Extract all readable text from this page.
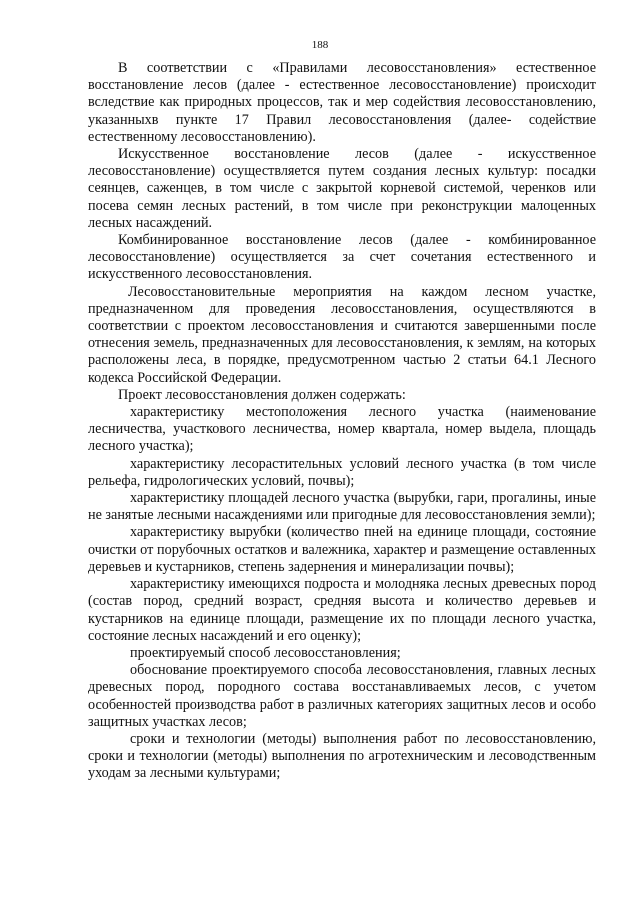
188

В соответствии с «Правилами лесовосстановления» естественное восстановление лесов (далее - естественное лесовосстановление) происходит вследствие как природных процессов, так и мер содействия лесовосстановлению, указанныхв пункте 17 Правил лесовосстановления (далее- содействие естественному лесовосстановлению).

Искусственное восстановление лесов (далее - искусственное лесовосстановление) осуществляется путем создания лесных культур: посадки сеянцев, саженцев, в том числе с закрытой корневой системой, черенков или посева семян лесных растений, в том числе при реконструкции малоценных лесных насаждений.

Комбинированное восстановление лесов (далее - комбинированное лесовосстановление) осуществляется за счет сочетания естественного и искусственного лесовосстановления.

Лесовосстановительные мероприятия на каждом лесном участке, предназначенном для проведения лесовосстановления, осуществляются в соответствии с проектом лесовосстановления и считаются завершенными после отнесения земель, предназначенных для лесовосстановления, к землям, на которых расположены леса, в порядке, предусмотренном частью 2 статьи 64.1 Лесного кодекса Российской Федерации.

Проект лесовосстановления должен содержать:

характеристику местоположения лесного участка (наименование лесничества, участкового лесничества, номер квартала, номер выдела, площадь лесного участка);

характеристику лесорастительных условий лесного участка (в том числе рельефа, гидрологических условий, почвы);

характеристику площадей лесного участка (вырубки, гари, прогалины, иные не занятые лесными насаждениями или пригодные для лесовосстановления земли);

характеристику вырубки (количество пней на единице площади, состояние очистки от порубочных остатков и валежника, характер и размещение оставленных деревьев и кустарников, степень задернения и минерализации почвы);

характеристику имеющихся подроста и молодняка лесных древесных пород (состав пород, средний возраст, средняя высота и количество деревьев и кустарников на единице площади, размещение их по площади лесного участка, состояние лесных насаждений и его оценку);

проектируемый способ лесовосстановления;

обоснование проектируемого способа лесовосстановления, главных лесных древесных пород, породного состава восстанавливаемых лесов, с учетом особенностей производства работ в различных категориях защитных лесов и особо защитных участках лесов;

сроки и технологии (методы) выполнения работ по лесовосстановлению, сроки и технологии (методы) выполнения по агротехническим и лесоводственным уходам за лесными культурами;
